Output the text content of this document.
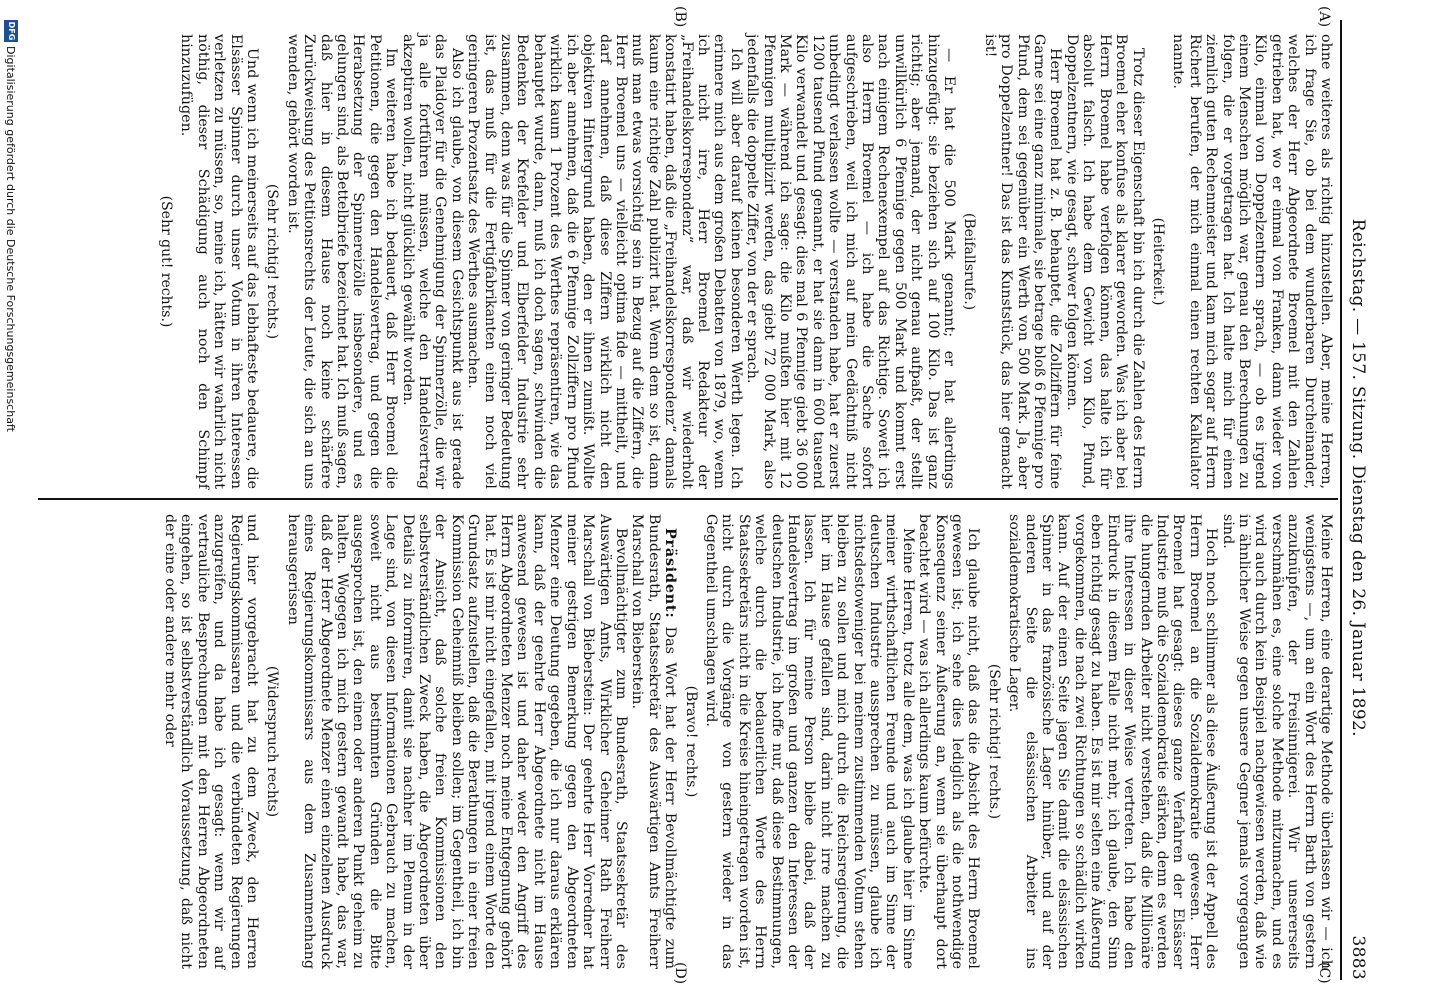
Reichstag. — 157. Sitzung. Dienstag den 26. Januar 1892.
3883
(A)
(B)
(C)
(D)

ohne weiteres als richtig hinzustellen. Aber, meine Herren, ich frage Sie, ob bei dem wunderbaren Durcheinander, welches der Herr Abgeordnete Broemel mit den Zahlen getrieben hat, wo er einmal von Franken, dann wieder von Kilo, einmal von Doppelzentnern sprach, — ob es irgend einem Menschen möglich war, genau den Berechnungen zu folgen, die er vorgetragen hat. Ich halte mich für einen ziemlich guten Rechenmeister und kam mich sogar auf Herrn Richert berufen, der mich einmal einen rechten Kalkulator nannte.

(Heiterkeit.)

Trotz dieser Eigenschaft bin ich durch die Zahlen des Herrn Broemel eher konfuse als klarer geworden. Was ich aber bei Herrn Broemel habe verfolgen können, das halte ich für absolut falsch. Ich habe dem Gewicht von Kilo, Pfund, Doppelzentnern, wie gesagt, schwer folgen können.

Herr Broemel hat z. B. behauptet, die Zollziffern für feine Garne sei eine ganz minimale, sie betrage bloß 6 Pfennige pro Pfund, dem sei gegenüber ein Werth von 500 Mark. Ja, aber pro Doppelzentner! Das ist das Kunststück, das hier gemacht ist!

(Beifallsrufe.)

— Er hat die 500 Mark genannt; er hat allerdings hinzugefügt: sie beziehen sich auf 100 Kilo. Das ist ganz richtig; aber jemand, der nicht genau aufpaßt, der stellt unwillkürlich 6 Pfennige gegen 500 Mark und kommt erst nach einigem Rechenexempel auf das Richtige. Soweit ich also Herrn Broemel — ich habe die Sache sofort aufgeschrieben, weil ich mich auf mein Gedächtniß nicht unbedingt verlassen wollte — verstanden habe, hat er zuerst 1200 tausend Pfund genannt, er hat sie dann in 600 tausend Kilo verwandelt und gesagt: dies mal 6 Pfennige giebt 36 000 Mark — während ich sage: die Kilo mußten hier mit 12 Pfennigen multiplizirt werden, das giebt 72 000 Mark, also jedenfalls die doppelte Ziffer, von der er sprach.

Ich will aber darauf keinen besonderen Werth legen. Ich erinnere mich aus dem großen Debatten von 1879, wo, wenn ich nicht irre, Herr Broemel Redakteur der „Freihandelskorrespondenz“ war, daß wir wiederholt konstatirt haben, daß die „Freihandelskorrespondenz“ damals kaum eine richtige Zahl publizirt hat. Wenn dem so ist, dann muß man etwas vorsichtig sein in Bezug auf die Ziffern, die Herr Broemel uns — vielleicht optima fide — mittheilt, und darf annehmen, daß diese Ziffern wirklich nicht den objektiven Hintergrund haben, den er ihnen zumißt. Wollte ich aber annehmen, daß die 6 Pfennige Zollziffern pro Pfund wirklich kaum 1 Prozent des Werthes repräsentiren, wie das behauptet wurde, dann, muß ich doch sagen, schwinden die Bedenken der Krefelder und Elberfelder Industrie sehr zusammen, denn was für die Spinner von geringer Bedeutung ist, das muß für die Fertigfabrikanten einen noch viel geringeren Prozentsatz des Werthes ausmachen.

Also ich glaube, von diesem Gesichtspunkt aus ist gerade das Plaidoyer für die Genehmigung der Spinnerzölle, die wir ja alle fortführen müssen, welche den Handelsvertrag akzeptiren wollen, nicht glücklich gewählt worden.

Im weiteren habe ich bedauert, daß Herr Broemel die Petitionen, die gegen den Handelsvertrag, und gegen die Herabsetzung der Spinnereizölle insbesondere, und es gelungen sind, als Bettelbriefe bezeichnet hat. Ich muß sagen, daß hier in diesem Hause noch keine schärfere Zurückweisung des Petitionsrechts der Leute, die sich an uns wenden, gehört worden ist.

(Sehr richtig! rechts.)

Und wenn ich meinerseits auf das lebhafteste bedauere, die Elsässer Spinner durch unser Votum in ihren Interessen verletzen zu müssen, so, meine ich, hätten wir wahrlich nicht nöthig, dieser Schädigung auch noch den Schimpf hinzuzufügen.

(Sehr gut! rechts.)

Meine Herren, eine derartige Methode überlassen wir — ich wenigstens —, um an ein Wort des Herrn Barth von gestern anzuknüpfen, der Freisinnigerei. Wir unsererseits verschmähen es, eine solche Methode mitzumachen, und es wird auch durch kein Beispiel nachgewiesen werden, daß wie in ähnlicher Weise gegen unsere Gegner jemals vorgegangen sind.

Hoch noch schlimmer als diese Äußerung ist der Appell des Herrn Broemel an die Sozialdemokratie gewesen. Herr Broemel hat gesagt: dieses ganze Verfahren der Elsässer Industrie muß die Sozialdemokratie stärken, denn es werden die hungernden Arbeiter nicht verstehen, daß die Millionäre ihre Interessen in dieser Weise vertreten. Ich habe den Eindruck in diesem Falle nicht mehr, ich glaube, den Sinn eben richtig gesagt zu haben. Es ist mir selten eine Äußerung vorgekommen, die nach zwei Richtungen so schädlich wirken kann. Auf der einen Seite jagen Sie damit die elsässischen Spinner in das französische Lager hinüber, und auf der anderen Seite die elsässischen Arbeiter ins sozialdemokratische Lager.

(Sehr richtig! rechts.)

Ich glaube nicht, daß das die Absicht des Herrn Broemel gewesen ist; ich sehe dies lediglich als die nothwendige Konsequenz seiner Äußerung an, wenn sie überhaupt dort beachtet wird — was ich allerdings kaum befürchte.

Meine Herren, trotz alle dem, was ich glaube hier im Sinne meiner wirthschaftlichen Freunde und auch im Sinne der deutschen Industrie aussprechen zu müssen, glaube ich nichtsdestoweniger bei meinem zustimmenden Votum stehen bleiben zu sollen und mich durch die Reichsregierung, die hier im Hause gefallen sind, darin nicht irre machen zu lassen. Ich für meine Person bleibe dabei, daß der Handelsvertrag im großen und ganzen den Interessen der deutschen Industrie, ich hoffe nur, daß diese Bestimmungen, welche durch die bedauerlichen Worte des Herrn Staatssekretärs nicht in die Kreise hineingetragen worden ist, nicht durch die Vorgänge von gestern wieder in das Gegentheil umschlagen wird.

(Bravo! rechts.)

Präsident: Das Wort hat der Herr Bevollmächtigte zum Bundesrath, Staatssekretär des Auswärtigen Amts Freiherr Marschall von Bieberstein.

Bevollmächtigter zum Bundesrath, Staatssekretär des Auswärtigen Amts, Wirklicher Geheimer Rath Freiherr Marschall von Bieberstein: Der geehrte Herr Vorredner hat meiner gestrigen Bemerkung gegen den Abgeordneten Menzer eine Deutung gegeben, die ich nur daraus erklären kann, daß der geehrte Herr Abgeordnete nicht im Hause anwesend gewesen ist und daher weder den Angriff des Herrn Abgeordneten Menzer noch meine Entgegnung gehört hat. Es ist mir nicht eingefallen, mit irgend einem Worte den Grundsatz aufzustellen, daß die Berathungen in einer freien Kommission Geheimniß bleiben sollen; im Gegentheil, ich bin der Ansicht, daß solche freien Kommissionen den selbstverständlichen Zweck haben, die Abgeordneten über Details zu informiren, damit sie nachher im Plenum in der Lage sind, von diesen Informationen Gebrauch zu machen, soweit nicht aus bestimmten Gründen die Bitte ausgesprochen ist, den einen oder anderen Punkt geheim zu halten. Wogegen ich mich gestern gewandt habe, das war, daß der Herr Abgeordnete Menzer einen einzelnen Ausdruck eines Regierungskommissars aus dem Zusammenhang herausgerissen

(Widerspruch rechts)

und hier vorgebracht hat zu dem Zweck, den Herren Regierungskommissaren und die verbündeten Regierungen anzugreifen, und da habe ich gesagt: wenn wir auf vertrauliche Besprechungen mit den Herren Abgeordneten eingehen, so ist selbstverständlich Voraussetzung, daß nicht der eine oder andere mehr oder

DFG
Digitalisierung gefördert durch die Deutsche Forschungsgemeinschaft
